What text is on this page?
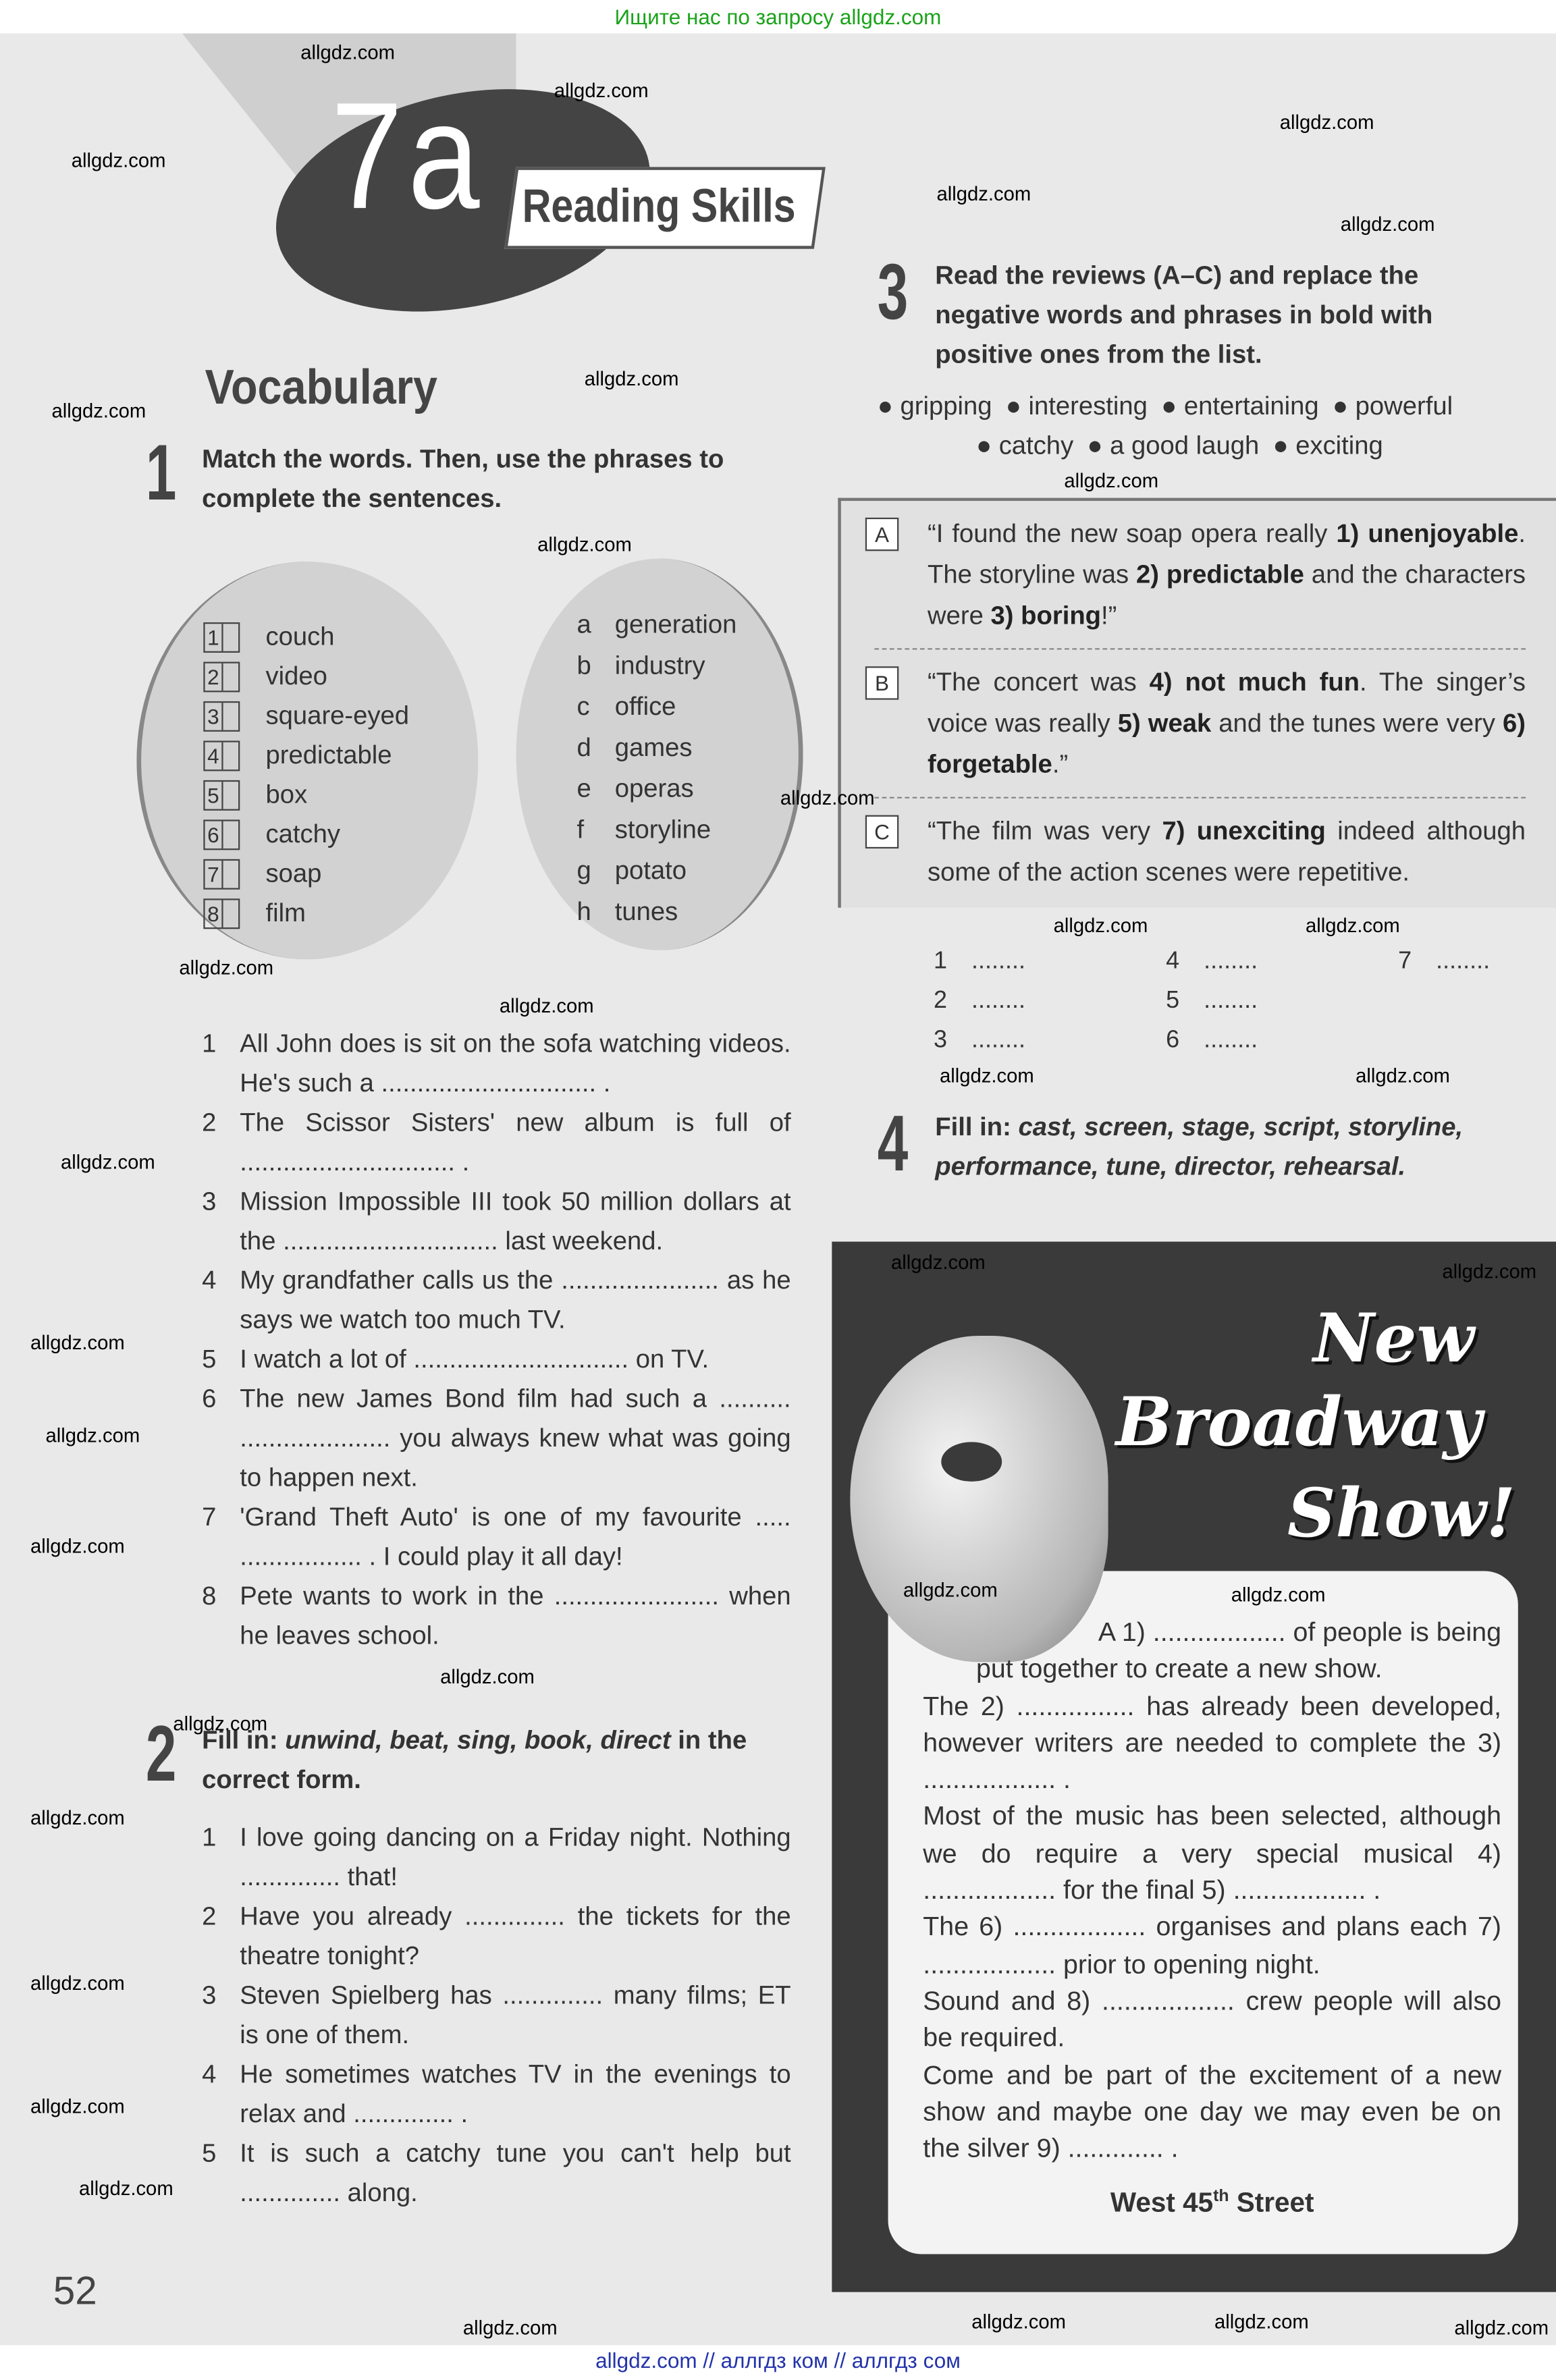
Ищите нас по запросу allgdz.com
7a Reading Skills
Vocabulary
1 Match the words. Then, use the phrases to complete the sentences.
1 All John does is sit on the sofa watching videos. He's such a .............................. .
2 The Scissor Sisters' new album is full of .............................. .
3 Mission Impossible III took 50 million dollars at the .............................. last weekend.
4 My grandfather calls us the ...................... as he says we watch too much TV.
5 I watch a lot of .............................. on TV.
6 The new James Bond film had such a .......... ..................... you always knew what was going to happen next.
7 'Grand Theft Auto' is one of my favourite ..... ................. . I could play it all day!
8 Pete wants to work in the ....................... when he leaves school.
allgdz.com
2 Fill in: unwind, beat, sing, book, direct in the correct form.
1 I love going dancing on a Friday night. Nothing .............. that!
2 Have you already .............. the tickets for the theatre tonight?
3 Steven Spielberg has .............. many films; ET is one of them.
4 He sometimes watches TV in the evenings to relax and .............. .
5 It is such a catchy tune you can't help but .............. along.
52
3 Read the reviews (A–C) and replace the negative words and phrases in bold with positive ones from the list.
● gripping ● interesting ● entertaining ● powerful
● catchy ● a good laugh ● exciting
allgdz.com
A	“I found the new soap opera really 1) unenjoyable. The storyline was 2) predictable and the characters were 3) boring!”
B	“The concert was 4) not much fun. The singer’s voice was really 5) weak and the tunes were very 6) forgetable.”
C	“The film was very 7) unexciting indeed although some of the action scenes were repetitive.
allgdz.com	allgdz.com
1 ........
2 ........
3 ........
4 ........
5 ........
6 ........
7 ........
allgdz.com	allgdz.com
4 Fill in: cast, screen, stage, script, storyline, performance, tune, director, rehearsal.
New
Broadway
Show!
A 1) .................. of people is being
put together to create a new show.
The 2) ................ has already been developed, however writers are needed to complete the 3) .................. .
Most of the music has been selected, although we do require a very special musical 4) .................. for the final 5) .................. .
The 6) .................. organises and plans each 7) .................. prior to opening night.
Sound and 8) .................. crew people will also be required.
Come and be part of the excitement of a new show and maybe one day we may even be on the silver 9) ............. .
West 45th Street
allgdz.com
allgdz.com
allgdz.com
allgdz.com
allgdz.com
allgdz.com
allgdz.com
allgdz.com
allgdz.com
allgdz.com
allgdz.com
allgdz.com
allgdz.com
allgdz.com	allgdz.com
allgdz.com
allgdz.com
allgdz.com
allgdz.com	allgdz.com
allgdz.com
allgdz.com
allgdz.com
allgdz.com
allgdz.com
allgdz.com	allgdz.com	allgdz.com	allgdz.com
allgdz.com // аллгдз ком // аллгдз сом
1	couch
2	video
3	square-eyed
4	predictable
5	box
6	catchy
7	soap
8	film
a	generation
b	industry
c	office
d	games
e	operas
f	storyline
g	potato
h	tunes
